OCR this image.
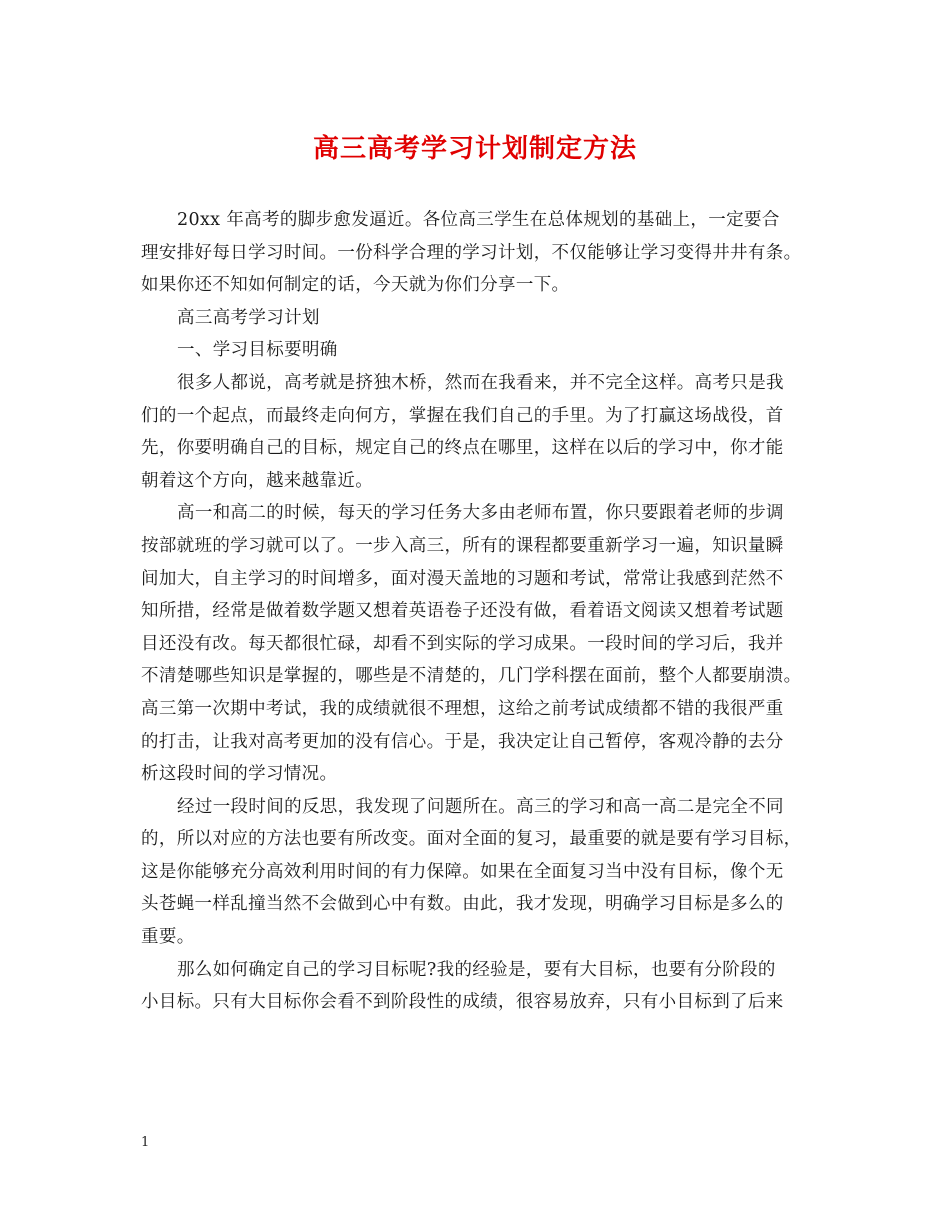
高三高考学习计划制定方法
20xx 年高考的脚步愈发逼近。各位高三学生在总体规划的基础上，一定要合
理安排好每日学习时间。一份科学合理的学习计划，不仅能够让学习变得井井有条。
如果你还不知如何制定的话，今天就为你们分享一下。
高三高考学习计划
一、学习目标要明确
很多人都说，高考就是挤独木桥，然而在我看来，并不完全这样。高考只是我
们的一个起点，而最终走向何方，掌握在我们自己的手里。为了打赢这场战役，首
先，你要明确自己的目标，规定自己的终点在哪里，这样在以后的学习中，你才能
朝着这个方向，越来越靠近。
高一和高二的时候，每天的学习任务大多由老师布置，你只要跟着老师的步调
按部就班的学习就可以了。一步入高三，所有的课程都要重新学习一遍，知识量瞬
间加大，自主学习的时间增多，面对漫天盖地的习题和考试，常常让我感到茫然不
知所措，经常是做着数学题又想着英语卷子还没有做，看着语文阅读又想着考试题
目还没有改。每天都很忙碌，却看不到实际的学习成果。一段时间的学习后，我并
不清楚哪些知识是掌握的，哪些是不清楚的，几门学科摆在面前，整个人都要崩溃。
高三第一次期中考试，我的成绩就很不理想，这给之前考试成绩都不错的我很严重
的打击，让我对高考更加的没有信心。于是，我决定让自己暂停，客观冷静的去分
析这段时间的学习情况。
经过一段时间的反思，我发现了问题所在。高三的学习和高一高二是完全不同
的，所以对应的方法也要有所改变。面对全面的复习，最重要的就是要有学习目标，
这是你能够充分高效利用时间的有力保障。如果在全面复习当中没有目标，像个无
头苍蝇一样乱撞当然不会做到心中有数。由此，我才发现，明确学习目标是多么的
重要。
那么如何确定自己的学习目标呢?我的经验是，要有大目标，也要有分阶段的
小目标。只有大目标你会看不到阶段性的成绩，很容易放弃，只有小目标到了后来
1
